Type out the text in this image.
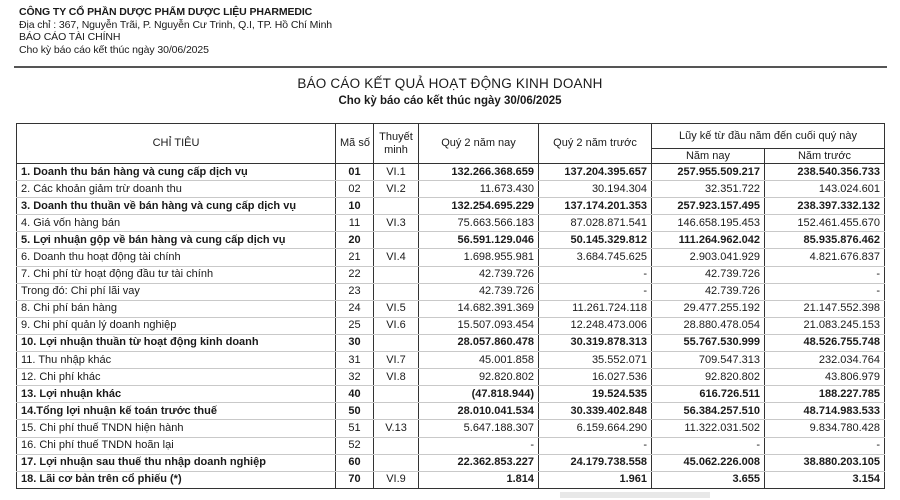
CÔNG TY CỔ PHẦN DƯỢC PHẨM DƯỢC LIỆU PHARMEDIC
Địa chỉ : 367, Nguyễn Trãi, P. Nguyễn Cư Trinh, Q.I, TP. Hồ Chí Minh
BÁO CÁO TÀI CHÍNH
Cho kỳ báo cáo kết thúc ngày 30/06/2025
BÁO CÁO KẾT QUẢ HOẠT ĐỘNG KINH DOANH
Cho kỳ báo cáo kết thúc ngày 30/06/2025
CHỈ TIÊU	Mã số	Thuyết minh	Quý 2 năm nay	Quý 2 năm trước	Lũy kế từ đầu năm đến cuối quý này	
					Năm nay	Năm trước
1. Doanh thu bán hàng và cung cấp dịch vụ	01	VI.1	132.266.368.659	137.204.395.657	257.955.509.217	238.540.356.733
2. Các khoản giảm trừ doanh thu	02	VI.2	11.673.430	30.194.304	32.351.722	143.024.601
3. Doanh thu thuần về bán hàng và cung cấp dịch vụ	10		132.254.695.229	137.174.201.353	257.923.157.495	238.397.332.132
4. Giá vốn hàng bán	11	VI.3	75.663.566.183	87.028.871.541	146.658.195.453	152.461.455.670
5. Lợi nhuận gộp về bán hàng và cung cấp dịch vụ	20		56.591.129.046	50.145.329.812	111.264.962.042	85.935.876.462
6. Doanh thu hoạt động tài chính	21	VI.4	1.698.955.981	3.684.745.625	2.903.041.929	4.821.676.837
7. Chi phí từ hoạt động đầu tư tài chính	22		42.739.726	-	42.739.726	-
Trong đó: Chi phí lãi vay	23		42.739.726	-	42.739.726	-
8. Chi phí bán hàng	24	VI.5	14.682.391.369	11.261.724.118	29.477.255.192	21.147.552.398
9. Chi phí quản lý doanh nghiệp	25	VI.6	15.507.093.454	12.248.473.006	28.880.478.054	21.083.245.153
10. Lợi nhuận thuần từ hoạt động kinh doanh	30		28.057.860.478	30.319.878.313	55.767.530.999	48.526.755.748
11. Thu nhập khác	31	VI.7	45.001.858	35.552.071	709.547.313	232.034.764
12. Chi phí khác	32	VI.8	92.820.802	16.027.536	92.820.802	43.806.979
13. Lợi nhuận khác	40		(47.818.944)	19.524.535	616.726.511	188.227.785
14.Tổng lợi nhuận kế toán trước thuế	50		28.010.041.534	30.339.402.848	56.384.257.510	48.714.983.533
15. Chi phí thuế TNDN hiện hành	51	V.13	5.647.188.307	6.159.664.290	11.322.031.502	9.834.780.428
16. Chi phí thuế TNDN hoãn lại	52		-	-	-	-
17. Lợi nhuận sau thuế thu nhập doanh nghiệp	60		22.362.853.227	24.179.738.558	45.062.226.008	38.880.203.105
18. Lãi cơ bản trên cổ phiếu (*)	70	VI.9	1.814	1.961	3.655	3.154
